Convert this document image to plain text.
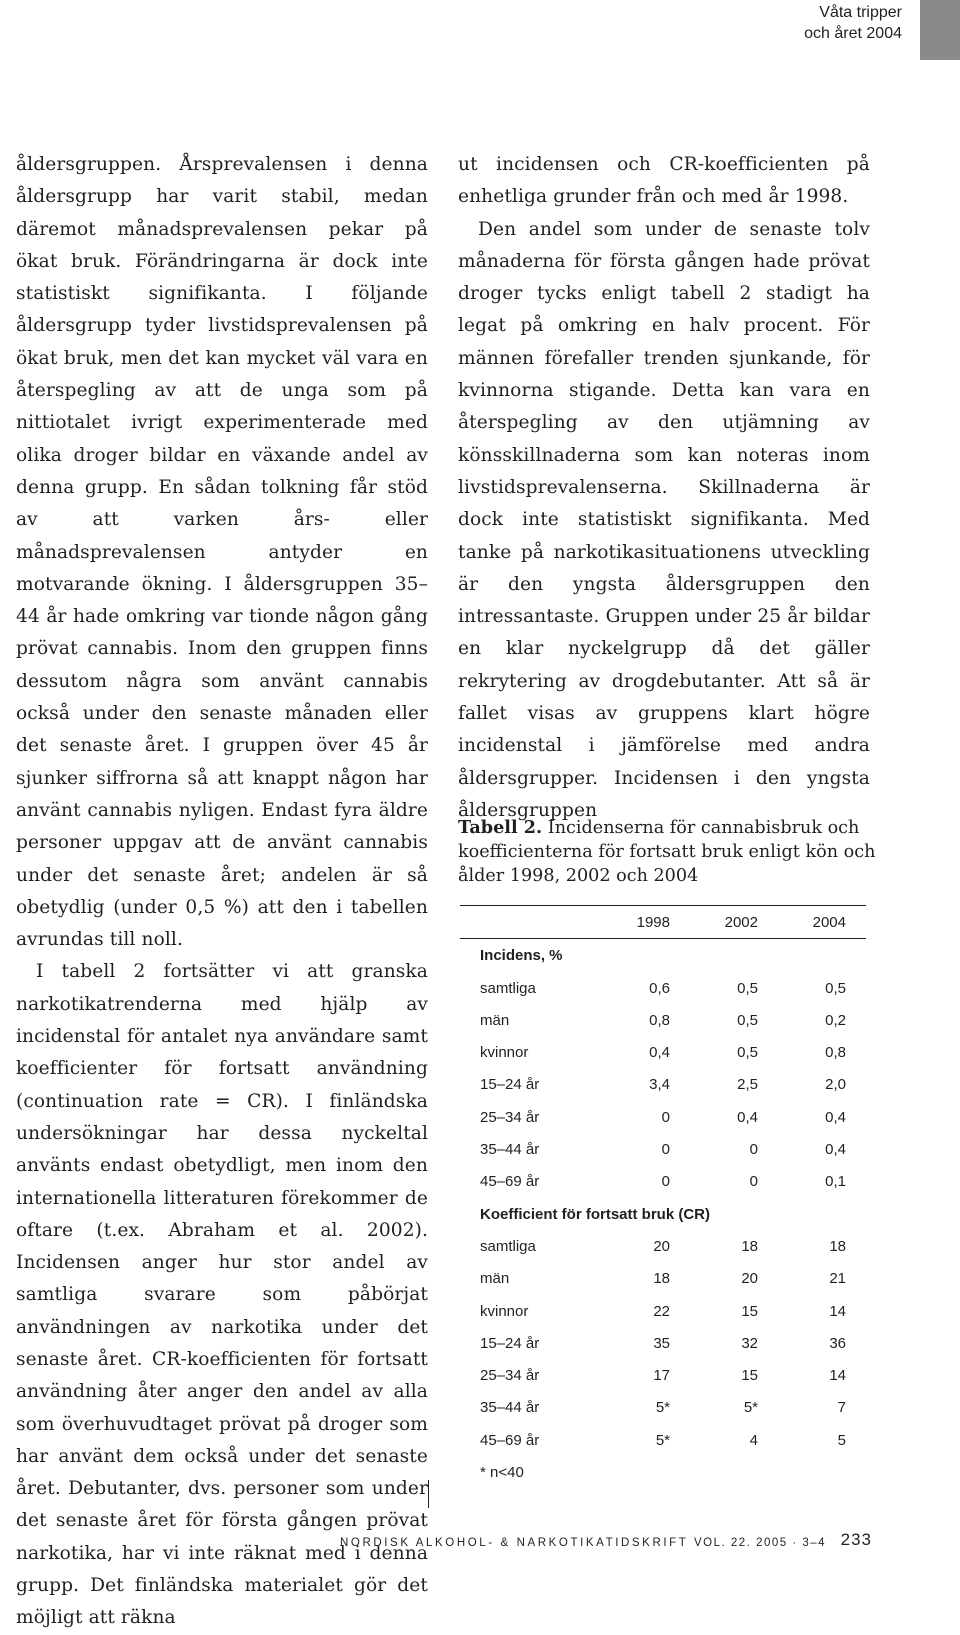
Våta tripper
och året 2004

åldersgruppen. Årsprevalensen i denna åldersgrupp har varit stabil, medan däremot månadsprevalensen pekar på ökat bruk. Förändringarna är dock inte statistiskt signifikanta. I följande åldersgrupp tyder livstidsprevalensen på ökat bruk, men det kan mycket väl vara en återspegling av att de unga som på nittiotalet ivrigt experimenterade med olika droger bildar en växande andel av denna grupp. En sådan tolkning får stöd av att varken års- eller månadsprevalensen antyder en motvarande ökning. I åldersgruppen 35–44 år hade omkring var tionde någon gång prövat cannabis. Inom den gruppen finns dessutom några som använt cannabis också under den senaste månaden eller det senaste året. I gruppen över 45 år sjunker siffrorna så att knappt någon har använt cannabis nyligen. Endast fyra äldre personer uppgav att de använt cannabis under det senaste året; andelen är så obetydlig (under 0,5 %) att den i tabellen avrundas till noll.

I tabell 2 fortsätter vi att granska narkotikatrenderna med hjälp av incidenstal för antalet nya användare samt koefficienter för fortsatt användning (continuation rate = CR). I finländska undersökningar har dessa nyckeltal använts endast obetydligt, men inom den internationella litteraturen förekommer de oftare (t.ex. Abraham et al. 2002). Incidensen anger hur stor andel av samtliga svarare som påbörjat användningen av narkotika under det senaste året. CR-koefficienten för fortsatt användning åter anger den andel av alla som överhuvudtaget prövat på droger som har använt dem också under det senaste året. Debutanter, dvs. personer som under det senaste året för första gången prövat narkotika, har vi inte räknat med i denna grupp. Det finländska materialet gör det möjligt att räkna

ut incidensen och CR-koefficienten på enhetliga grunder från och med år 1998.

Den andel som under de senaste tolv månaderna för första gången hade prövat droger tycks enligt tabell 2 stadigt ha legat på omkring en halv procent. För männen förefaller trenden sjunkande, för kvinnorna stigande. Detta kan vara en återspegling av den utjämning av könsskillnaderna som kan noteras inom livstidsprevalenserna. Skillnaderna är dock inte statistiskt signifikanta. Med tanke på narkotikasituationens utveckling är den yngsta åldersgruppen den intressantaste. Gruppen under 25 år bildar en klar nyckelgrupp då det gäller rekrytering av drogdebutanter. Att så är fallet visas av gruppens klart högre incidenstal i jämförelse med andra åldersgrupper. Incidensen i den yngsta åldersgruppen

Tabell 2. Incidenserna för cannabisbruk och koefficienterna för fortsatt bruk enligt kön och ålder 1998, 2002 och 2004

1998	2002	2004
Incidens, %
samtliga	0,6	0,5	0,5
män	0,8	0,5	0,2
kvinnor	0,4	0,5	0,8
15–24 år	3,4	2,5	2,0
25–34 år	0	0,4	0,4
35–44 år	0	0	0,4
45–69 år	0	0	0,1
Koefficient för fortsatt bruk (CR)
samtliga	20	18	18
män	18	20	21
kvinnor	22	15	14
15–24 år	35	32	36
25–34 år	17	15	14
35–44 år	5*	5*	7
45–69 år	5*	4	5
* n<40
NORDISK ALKOHOL- & NARKOTIKATIDSKRIFT VOL. 22. 2005 · 3–4 233
